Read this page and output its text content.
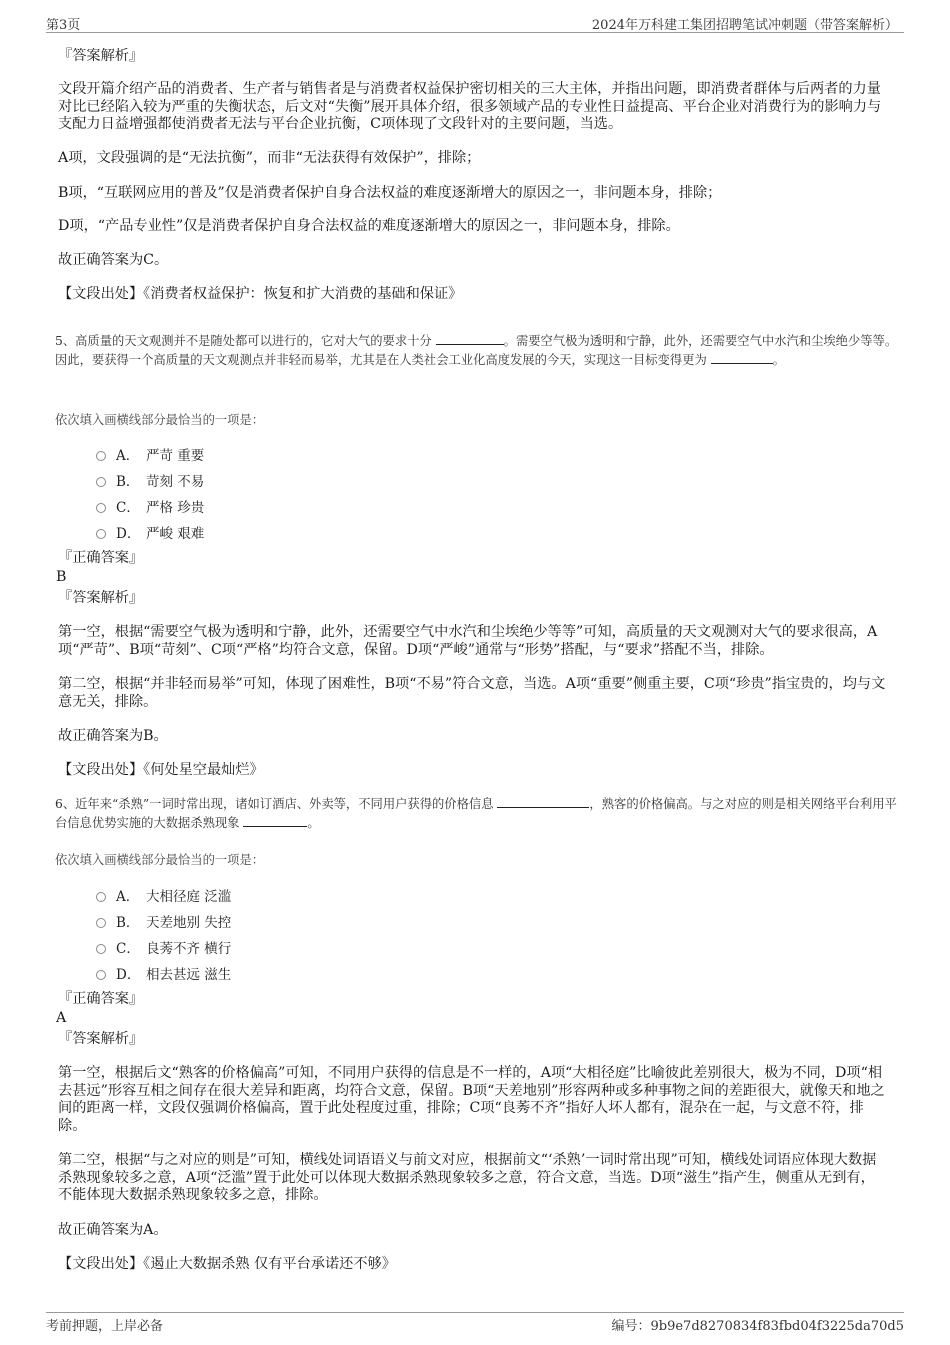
第3页	2024年万科建工集团招聘笔试冲刺题（带答案解析）
『答案解析』
文段开篇介绍产品的消费者、生产者与销售者是与消费者权益保护密切相关的三大主体，并指出问题，即消费者群体与后两者的力量对比已经陷入较为严重的失衡状态，后文对“失衡”展开具体介绍，很多领域产品的专业性日益提高、平台企业对消费行为的影响力与支配力日益增强都使消费者无法与平台企业抗衡，C项体现了文段针对的主要问题，当选。
A项，文段强调的是“无法抗衡”，而非“无法获得有效保护”，排除；
B项，“互联网应用的普及”仅是消费者保护自身合法权益的难度逐渐增大的原因之一，非问题本身，排除；
D项，“产品专业性”仅是消费者保护自身合法权益的难度逐渐增大的原因之一，非问题本身，排除。
故正确答案为C。
【文段出处】《消费者权益保护：恢复和扩大消费的基础和保证》
5、高质量的天文观测并不是随处都可以进行的，它对大气的要求十分	。需要空气极为透明和宁静，此外，还需要空气中水汽和尘埃绝少等等。因此，要获得一个高质量的天文观测点并非轻而易举，尤其是在人类社会工业化高度发展的今天，实现这一目标变得更为	。
依次填入画横线部分最恰当的一项是：
A． 严苛 重要
B． 苛刻 不易
C． 严格 珍贵
D． 严峻 艰难
『正确答案』
B
『答案解析』
第一空，根据“需要空气极为透明和宁静，此外，还需要空气中水汽和尘埃绝少等等”可知，高质量的天文观测对大气的要求很高，A项“严苛”、B项“苛刻”、C项“严格”均符合文意，保留。D项“严峻”通常与“形势”搭配，与“要求”搭配不当，排除。
第二空，根据“并非轻而易举”可知，体现了困难性，B项“不易”符合文意，当选。A项“重要”侧重主要，C项“珍贵”指宝贵的，均与文意无关，排除。
故正确答案为B。
【文段出处】《何处星空最灿烂》
6、近年来“杀熟”一词时常出现，诸如订酒店、外卖等，不同用户获得的价格信息	，熟客的价格偏高。与之对应的则是相关网络平台利用平台信息优势实施的大数据杀熟现象	。
依次填入画横线部分最恰当的一项是：
A． 大相径庭 泛滥
B． 天差地别 失控
C． 良莠不齐 横行
D． 相去甚远 滋生
『正确答案』
A
『答案解析』
第一空，根据后文“熟客的价格偏高”可知，不同用户获得的信息是不一样的，A项“大相径庭”比喻彼此差别很大，极为不同，D项“相去甚远”形容互相之间存在很大差异和距离，均符合文意，保留。B项“天差地别”形容两种或多种事物之间的差距很大，就像天和地之间的距离一样，文段仅强调价格偏高，置于此处程度过重，排除；C项“良莠不齐”指好人坏人都有，混杂在一起，与文意不符，排除。
第二空，根据“与之对应的则是”可知，横线处词语语义与前文对应，根据前文“‘杀熟’一词时常出现”可知，横线处词语应体现大数据杀熟现象较多之意，A项“泛滥”置于此处可以体现大数据杀熟现象较多之意，符合文意，当选。D项“滋生”指产生，侧重从无到有，不能体现大数据杀熟现象较多之意，排除。
故正确答案为A。
【文段出处】《遏止大数据杀熟 仅有平台承诺还不够》
考前押题，上岸必备	编号：9b9e7d8270834f83fbd04f3225da70d5
